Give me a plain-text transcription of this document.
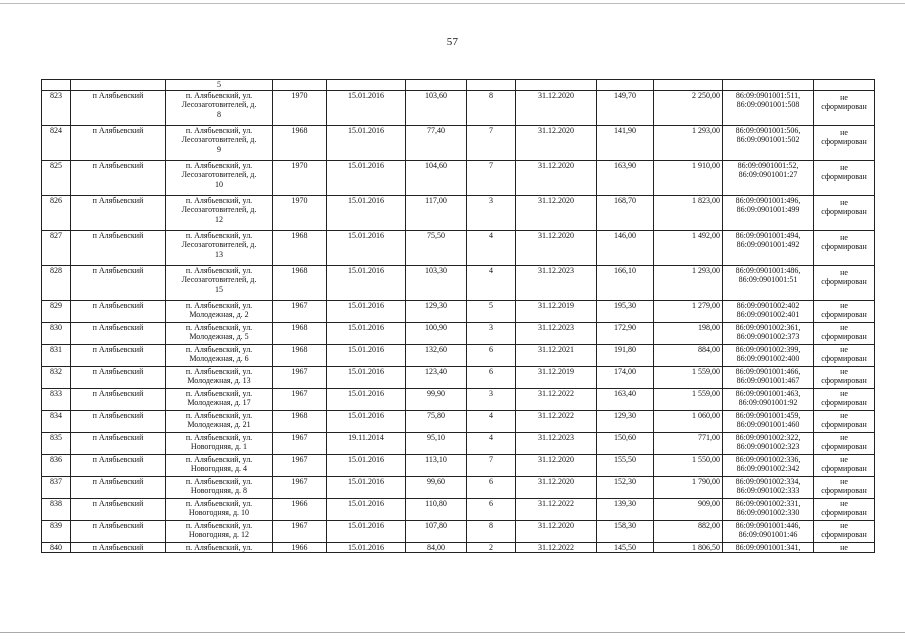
57
		5									

823	п Алябьевский	п. Алябьевский, ул.
Лесозаготовителей, д.
8	1970	15.01.2016	103,60	8	31.12.2020	149,70	2 250,00	86:09:0901001:511,
86:09:0901001:508	не
сформирован

824	п Алябьевский	п. Алябьевский, ул.
Лесозаготовителей, д.
9	1968	15.01.2016	77,40	7	31.12.2020	141,90	1 293,00	86:09:0901001:506,
86:09:0901001:502	не
сформирован

825	п Алябьевский	п. Алябьевский, ул.
Лесозаготовителей, д.
10	1970	15.01.2016	104,60	7	31.12.2020	163,90	1 910,00	86:09:0901001:52,
86:09:0901001:27	не
сформирован

826	п Алябьевский	п. Алябьевский, ул.
Лесозаготовителей, д.
12	1970	15.01.2016	117,00	3	31.12.2020	168,70	1 823,00	86:09:0901001:496,
86:09:0901001:499	не
сформирован

827	п Алябьевский	п. Алябьевский, ул.
Лесозаготовителей, д.
13	1968	15.01.2016	75,50	4	31.12.2020	146,00	1 492,00	86:09:0901001:494,
86:09:0901001:492	не
сформирован

828	п Алябьевский	п. Алябьевский, ул.
Лесозаготовителей, д.
15	1968	15.01.2016	103,30	4	31.12.2023	166,10	1 293,00	86:09:0901001:486,
86:09:0901001:51	не
сформирован

829	п Алябьевский	п. Алябьевский, ул.
Молодежная, д. 2	1967	15.01.2016	129,30	5	31.12.2019	195,30	1 279,00	86:09:0901002:402
86:09:0901002:401	не
сформирован

830	п Алябьевский	п. Алябьевский, ул.
Молодежная, д. 5	1968	15.01.2016	100,90	3	31.12.2023	172,90	198,00	86:09:0901002:361,
86:09:0901002:373	не
сформирован

831	п Алябьевский	п. Алябьевский, ул.
Молодежная, д. 6	1968	15.01.2016	132,60	6	31.12.2021	191,80	884,00	86:09:0901002:399,
86:09:0901002:400	не
сформирован

832	п Алябьевский	п. Алябьевский, ул.
Молодежная, д. 13	1967	15.01.2016	123,40	6	31.12.2019	174,00	1 559,00	86:09:0901001:466,
86:09:0901001:467	не
сформирован

833	п Алябьевский	п. Алябьевский, ул.
Молодежная, д. 17	1967	15.01.2016	99,90	3	31.12.2022	163,40	1 559,00	86:09:0901001:463,
86:09:0901001:92	не
сформирован

834	п Алябьевский	п. Алябьевский, ул.
Молодежная, д. 21	1968	15.01.2016	75,80	4	31.12.2022	129,30	1 060,00	86:09:0901001:459,
86:09:0901001:460	не
сформирован

835	п Алябьевский	п. Алябьевский, ул.
Новогодняя, д. 1	1967	19.11.2014	95,10	4	31.12.2023	150,60	771,00	86:09:0901002:322,
86:09:0901002:323	не
сформирован

836	п Алябьевский	п. Алябьевский, ул.
Новогодняя, д. 4	1967	15.01.2016	113,10	7	31.12.2020	155,50	1 550,00	86:09:0901002:336,
86:09:0901002:342	не
сформирован

837	п Алябьевский	п. Алябьевский, ул.
Новогодняя, д. 8	1967	15.01.2016	99,60	6	31.12.2020	152,30	1 790,00	86:09:0901002:334,
86:09:0901002:333	не
сформирован

838	п Алябьевский	п. Алябьевский, ул.
Новогодняя, д. 10	1966	15.01.2016	110,80	6	31.12.2022	139,30	909,00	86:09:0901002:331,
86:09:0901002:330	не
сформирован

839	п Алябьевский	п. Алябьевский, ул.
Новогодняя, д. 12	1967	15.01.2016	107,80	8	31.12.2020	158,30	882,00	86:09:0901001:446,
86:09:0901001:46	не
сформирован

840	п Алябьевский	п. Алябьевский, ул.	1966	15.01.2016	84,00	2	31.12.2022	145,50	1 806,50	86:09:0901001:341,	не
